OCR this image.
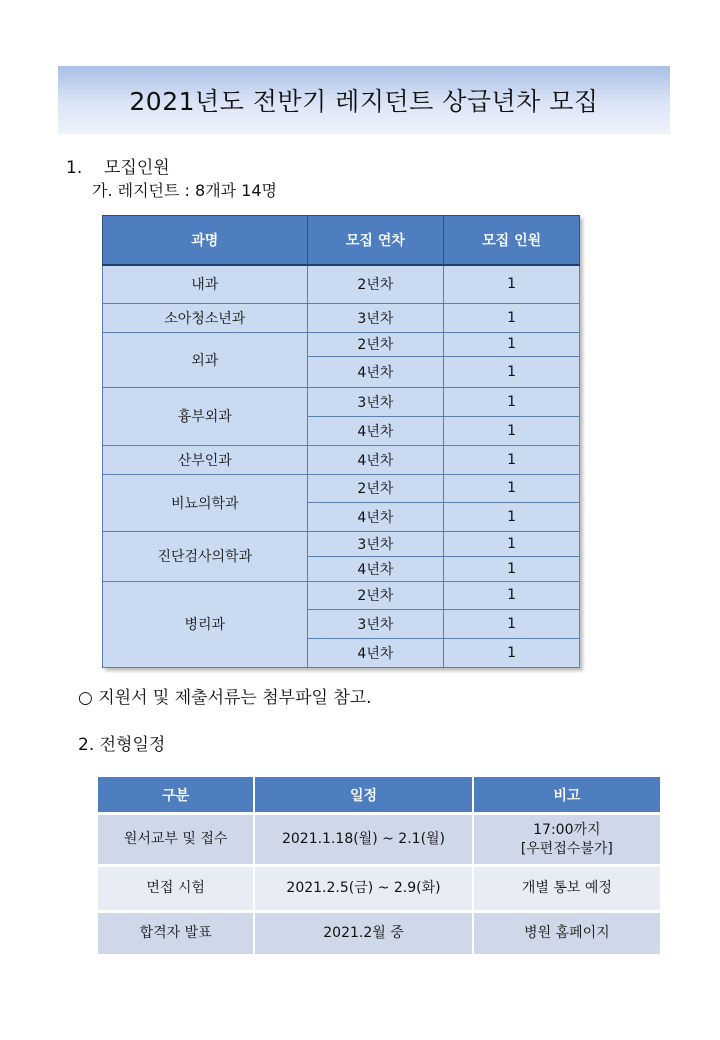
2021년도 전반기 레지던트 상급년차 모집
1. 모집인원
가. 레지던트 : 8개과 14명
과명	모집 연차	모집 인원
내과	2년차	1
소아청소년과	3년차	1
외과	2년차	1
	4년차	1
흉부외과	3년차	1
	4년차	1
산부인과	4년차	1
비뇨의학과	2년차	1
	4년차	1
진단검사의학과	3년차	1
	4년차	1
병리과	2년차	1
	3년차	1
	4년차	1
○ 지원서 및 제출서류는 첨부파일 참고.
2. 전형일정
구분	일정	비고
원서교부 및 접수	2021.1.18(월) ~ 2.1(월)	17:00까지
[우편접수불가]

면접 시험	2021.2.5(금) ~ 2.9(화)	개별 통보 예정
합격자 발표	2021.2월 중	병원 홈페이지
